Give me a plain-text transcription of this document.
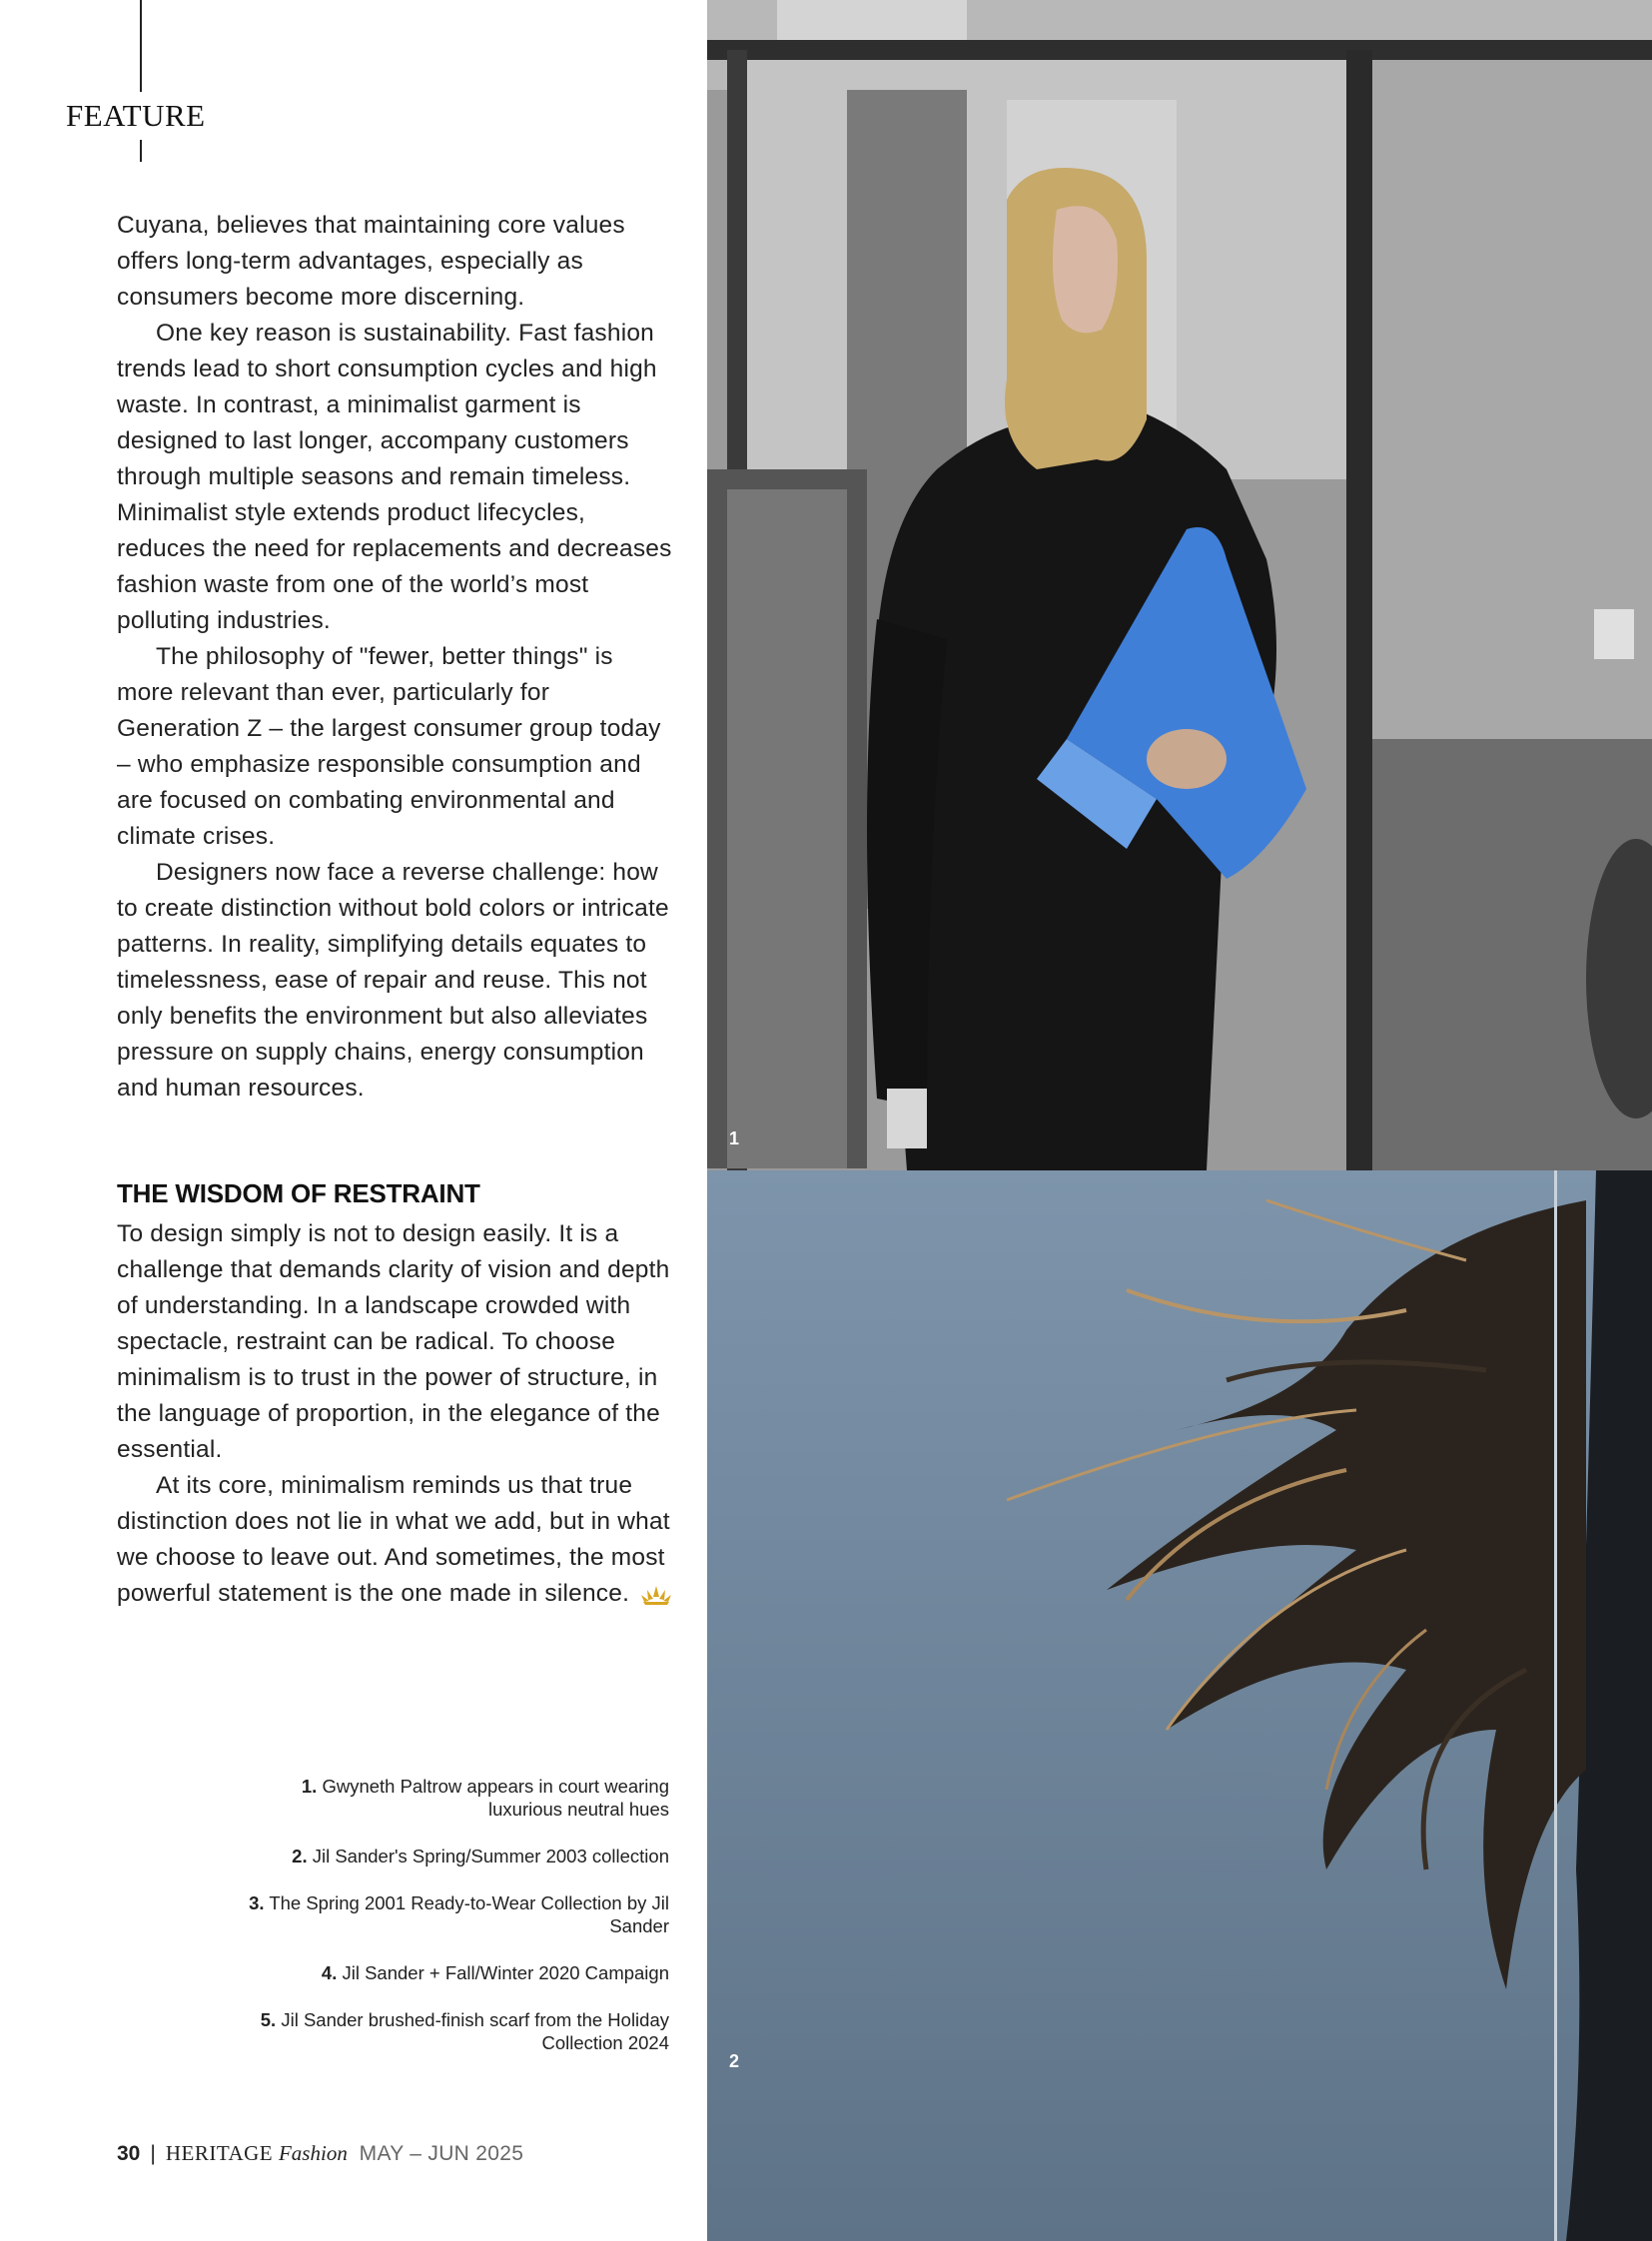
FEATURE

Cuyana, believes that maintaining core values offers long-term advantages, especially as consumers become more discerning.

One key reason is sustainability. Fast fashion trends lead to short consumption cycles and high waste. In contrast, a minimalist garment is designed to last longer, accompany customers through multiple seasons and remain timeless. Minimalist style extends product lifecycles, reduces the need for replacements and decreases fashion waste from one of the world’s most polluting industries.

The philosophy of "fewer, better things" is more relevant than ever, particularly for Generation Z – the largest consumer group today – who emphasize responsible consumption and are focused on combating environmental and climate crises.

Designers now face a reverse challenge: how to create distinction without bold colors or intricate patterns. In reality, simplifying details equates to timelessness, ease of repair and reuse. This not only benefits the environment but also alleviates pressure on supply chains, energy consumption and human resources.

THE WISDOM OF RESTRAINT

To design simply is not to design easily. It is a challenge that demands clarity of vision and depth of understanding. In a landscape crowded with spectacle, restraint can be radical. To choose minimalism is to trust in the power of structure, in the language of proportion, in the elegance of the essential.

At its core, minimalism reminds us that true distinction does not lie in what we add, but in what we choose to leave out. And sometimes, the most powerful statement is the one made in silence.

1. Gwyneth Paltrow appears in court wearing luxurious neutral hues
2. Jil Sander's Spring/Summer 2003 collection
3. The Spring 2001 Ready-to-Wear Collection by Jil Sander
4. Jil Sander + Fall/Winter 2020 Campaign
5. Jil Sander brushed-finish scarf from the Holiday Collection 2024
30 | HERITAGE Fashion MAY – JUN 2025
1
2
